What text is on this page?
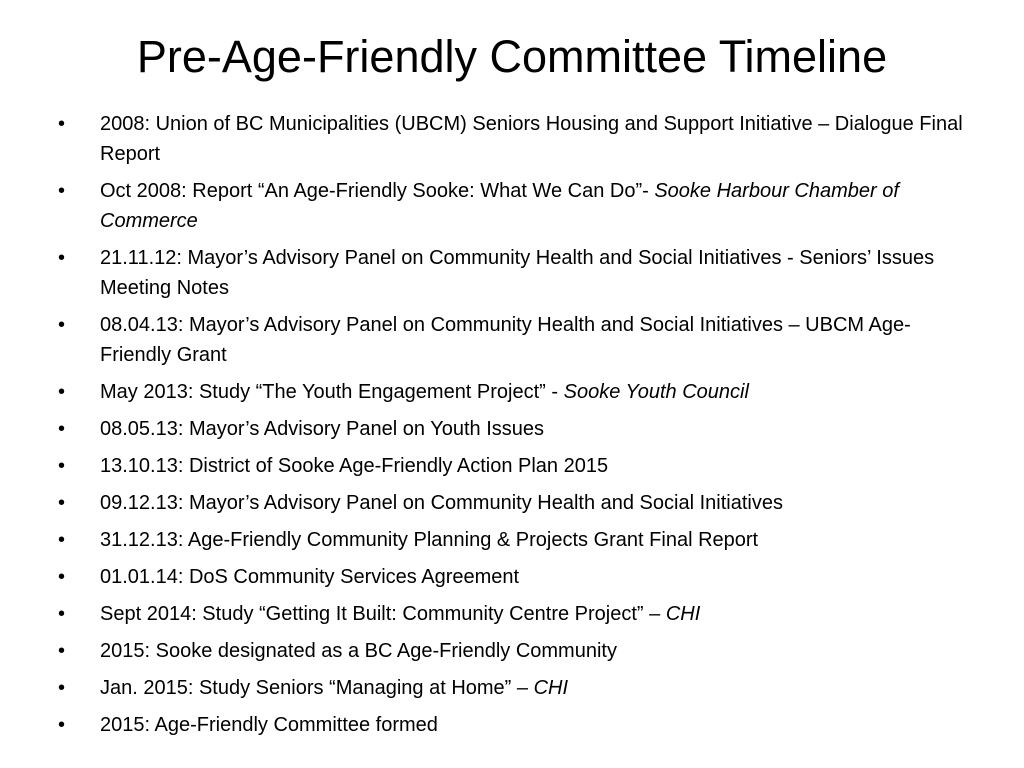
Pre-Age-Friendly Committee Timeline
•	2008: Union of BC Municipalities (UBCM) Seniors Housing and Support Initiative – Dialogue Final Report
•	Oct 2008: Report “An Age-Friendly Sooke: What We Can Do”- Sooke Harbour Chamber of Commerce
•	21.11.12: Mayor’s Advisory Panel on Community Health and Social Initiatives - Seniors’ Issues Meeting Notes
•	08.04.13: Mayor’s Advisory Panel on Community Health and Social Initiatives – UBCM Age-Friendly Grant
•	May 2013: Study “The Youth Engagement Project” - Sooke Youth Council
•	08.05.13: Mayor’s Advisory Panel on Youth Issues
•	13.10.13: District of Sooke Age-Friendly Action Plan 2015
•	09.12.13: Mayor’s Advisory Panel on Community Health and Social Initiatives
•	31.12.13: Age-Friendly Community Planning & Projects Grant Final Report
•	01.01.14: DoS Community Services Agreement
•	Sept 2014: Study “Getting It Built: Community Centre Project” – CHI
•	2015: Sooke designated as a BC Age-Friendly Community
•	Jan. 2015: Study Seniors “Managing at Home” – CHI
•	2015: Age-Friendly Committee formed
